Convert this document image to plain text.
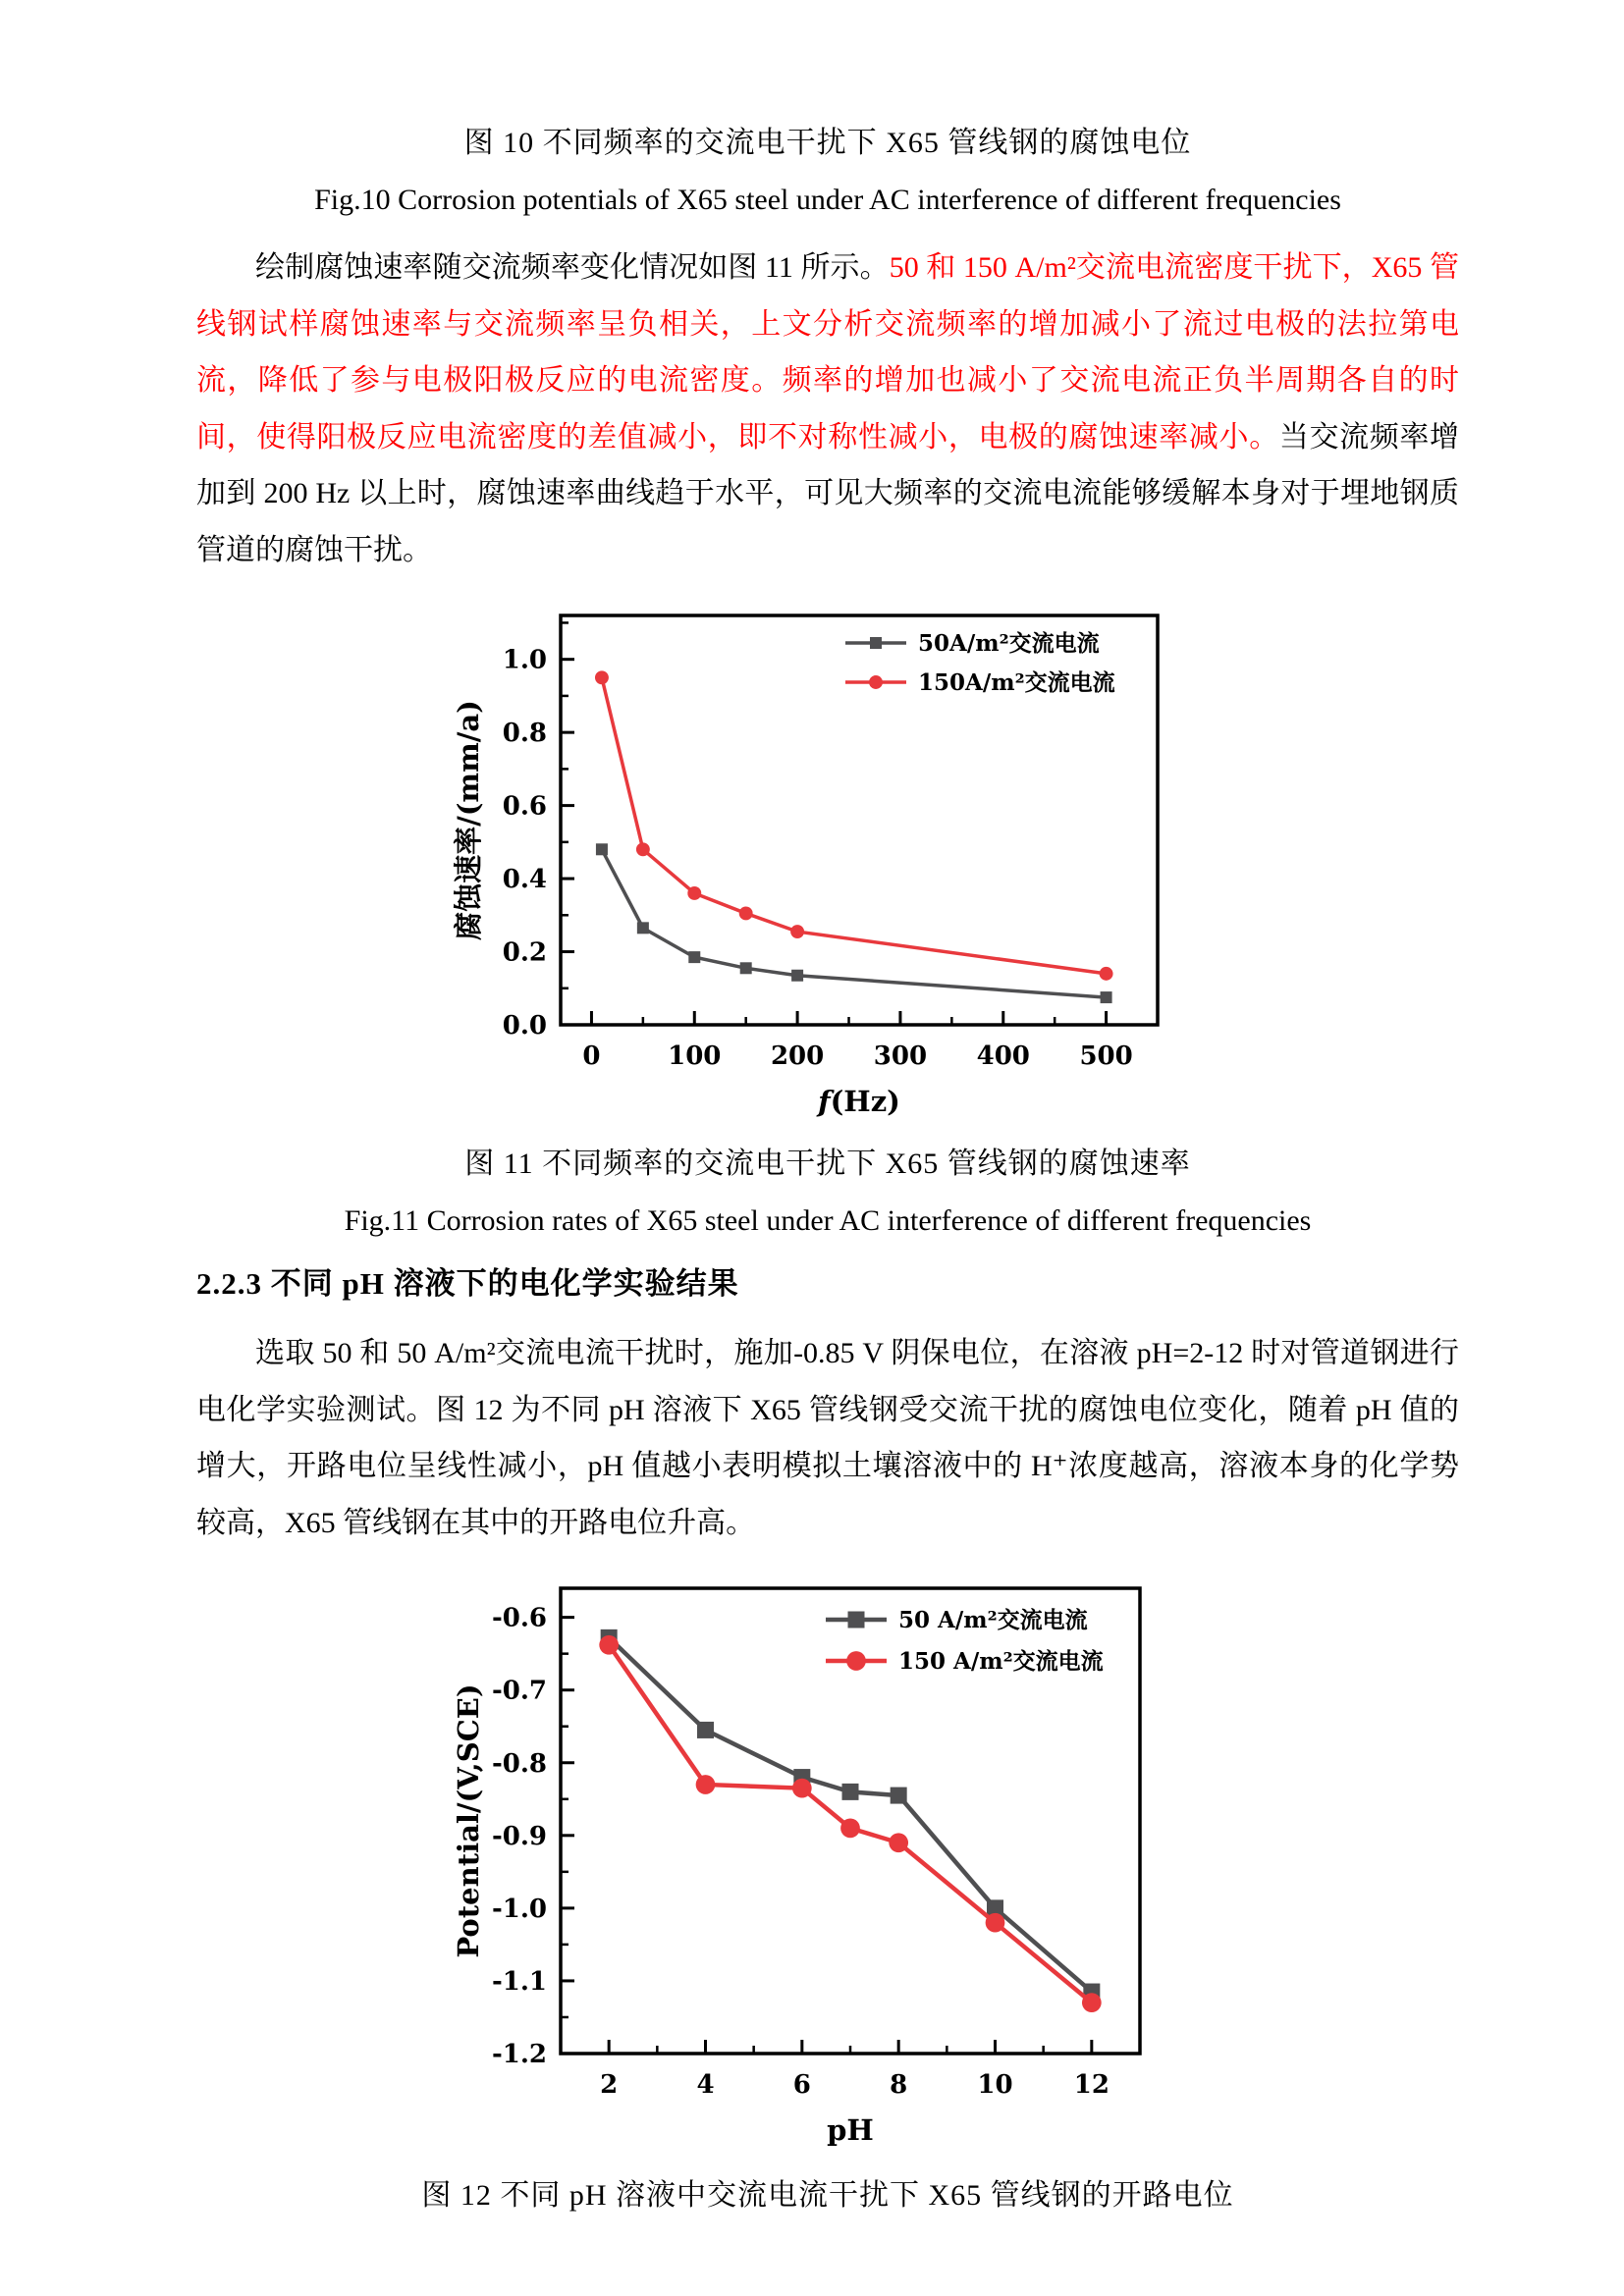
图 10 不同频率的交流电干扰下 X65 管线钢的腐蚀电位
Fig.10 Corrosion potentials of X65 steel under AC interference of different frequencies

绘制腐蚀速率随交流频率变化情况如图 11 所示。50 和 150 A/m²交流电流密度干扰下，X65 管线钢试样腐蚀速率与交流频率呈负相关，上文分析交流频率的增加减小了流过电极的法拉第电流，降低了参与电极阳极反应的电流密度。频率的增加也减小了交流电流正负半周期各自的时间，使得阳极反应电流密度的差值减小，即不对称性减小，电极的腐蚀速率减小。当交流频率增加到 200 Hz 以上时，腐蚀速率曲线趋于水平，可见大频率的交流电流能够缓解本身对于埋地钢质管道的腐蚀干扰。

0	100 200 300 400 500
0.0
0.2
0.4
0.6
0.8
1.0
f(Hz)
腐蚀速率/(mm/a)
50A/m²交流电流
150A/m²交流电流
图 11 不同频率的交流电干扰下 X65 管线钢的腐蚀速率
Fig.11 Corrosion rates of X65 steel under AC interference of different frequencies
2.2.3 不同 pH 溶液下的电化学实验结果

选取 50 和 50 A/m²交流电流干扰时，施加-0.85 V 阴保电位，在溶液 pH=2-12 时对管道钢进行电化学实验测试。图 12 为不同 pH 溶液下 X65 管线钢受交流干扰的腐蚀电位变化，随着 pH 值的增大，开路电位呈线性减小，pH 值越小表明模拟土壤溶液中的 H⁺浓度越高，溶液本身的化学势较高，X65 管线钢在其中的开路电位升高。

2	4	6	8	10 12
-0.6
-0.7
-0.8
-0.9
-1.0
-1.1
-1.2
pH
Potential/(V,SCE)
50 A/m²交流电流
150 A/m²交流电流
图 12 不同 pH 溶液中交流电流干扰下 X65 管线钢的开路电位
